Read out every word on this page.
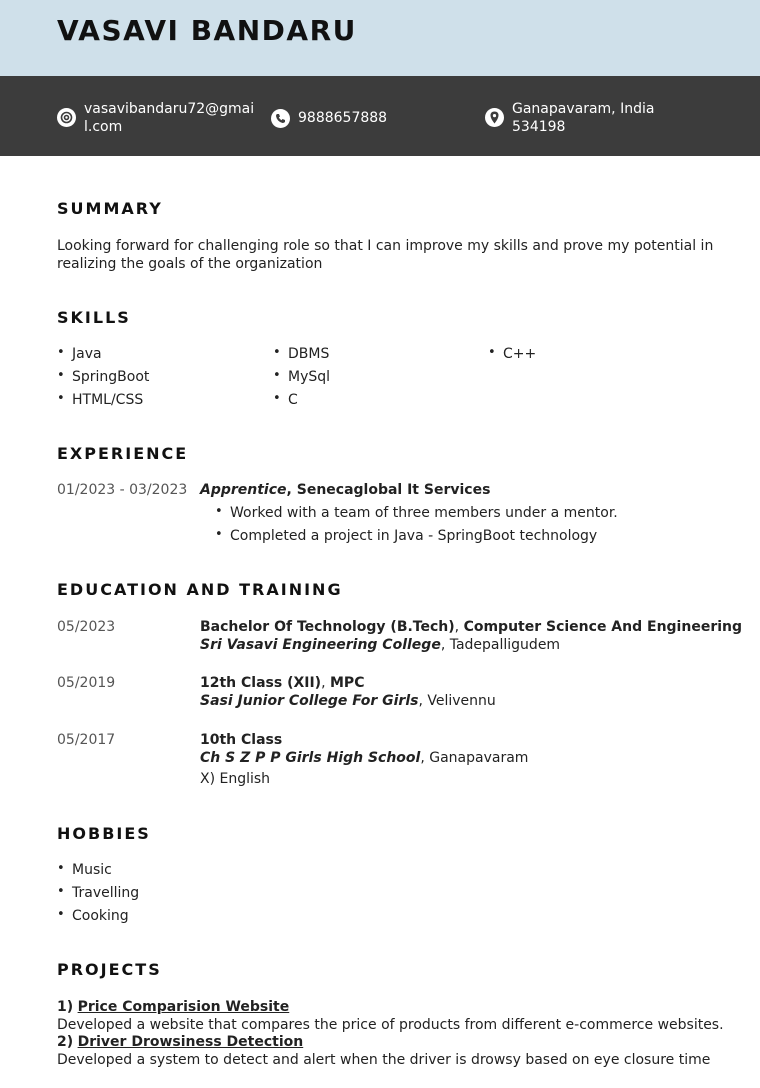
VASAVI BANDARU
vasavibandaru72@gmai
l.com
9888657888
Ganapavaram, India
534198
SUMMARY
Looking forward for challenging role so that I can improve my skills and prove my potential in
realizing the goals of the organization
SKILLS
• Java
• SpringBoot
• HTML/CSS
• DBMS
• MySql
• C
• C++
EXPERIENCE
01/2023 - 03/2023 Apprentice, Senecaglobal It Services
• Worked with a team of three members under a mentor.
• Completed a project in Java - SpringBoot technology
EDUCATION AND TRAINING
05/2023	Bachelor Of Technology (B.Tech), Computer Science And Engineering
Sri Vasavi Engineering College, Tadepalligudem
05/2019	12th Class (XII), MPC
Sasi Junior College For Girls, Velivennu
05/2017	10th Class
Ch S Z P P Girls High School, Ganapavaram
X) English
HOBBIES
• Music
• Travelling
• Cooking
PROJECTS
1) Price Comparision Website
Developed a website that compares the price of products from different e-commerce websites.
2) Driver Drowsiness Detection
Developed a system to detect and alert when the driver is drowsy based on eye closure time
